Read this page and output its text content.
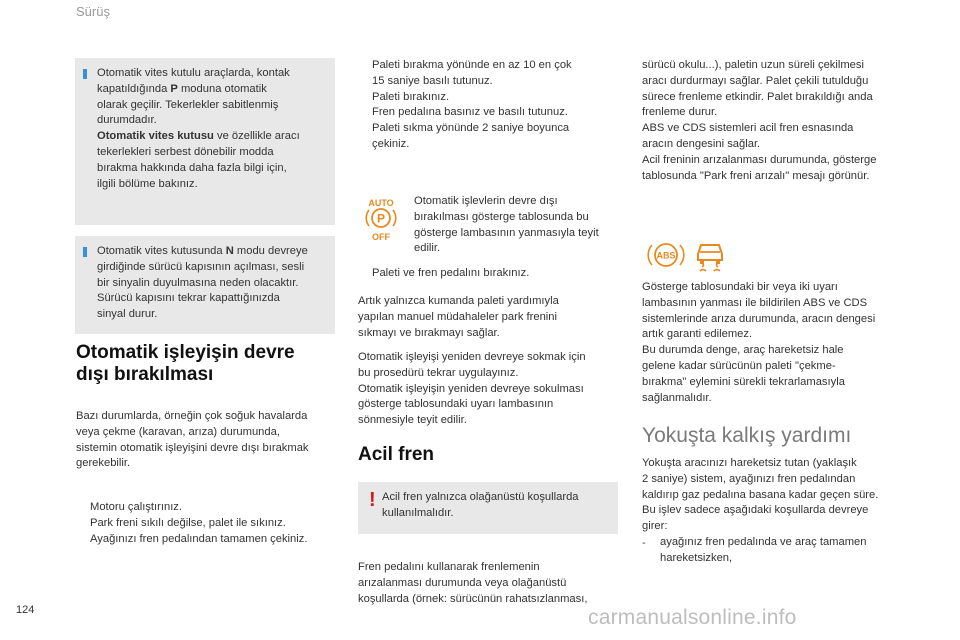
Sürüş

Otomatik vites kutulu araçlarda, kontak

kapatıldığında P moduna otomatik

olarak geçilir. Tekerlekler sabitlenmiş

durumdadır.

Otomatik vites kutusu ve özellikle aracı

tekerlekleri serbest dönebilir modda

bırakma hakkında daha fazla bilgi için,

ilgili bölüme bakınız.

Otomatik vites kutusunda N modu devreye

girdiğinde sürücü kapısının açılması, sesli

bir sinyalin duyulmasına neden olacaktır.

Sürücü kapısını tekrar kapattığınızda

sinyal durur.

Otomatik işleyişin devre
dışı bırakılması

Bazı durumlarda, örneğin çok soğuk havalarda

veya çekme (karavan, arıza) durumunda,

sistemin otomatik işleyişini devre dışı bırakmak

gerekebilir.

Motoru çalıştırınız.
Park freni sıkılı değilse, palet ile sıkınız.
Ayağınızı fren pedalından tamamen çekiniz.
Paleti bırakma yönünde en az 10 en çok
15 saniye basılı tutunuz.
Paleti bırakınız.
Fren pedalına basınız ve basılı tutunuz.
Paleti sıkma yönünde 2 saniye boyunca
çekiniz.
AUTO
P
OFF

Otomatik işlevlerin devre dışı

bırakılması gösterge tablosunda bu

gösterge lambasının yanmasıyla teyit

edilir.

Paleti ve fren pedalını bırakınız.

Artık yalnızca kumanda paleti yardımıyla

yapılan manuel müdahaleler park frenini

sıkmayı ve bırakmayı sağlar.

Otomatik işleyişi yeniden devreye sokmak için

bu prosedürü tekrar uygulayınız.

Otomatik işleyişin yeniden devreye sokulması

gösterge tablosundaki uyarı lambasının

sönmesiyle teyit edilir.

Acil fren
! Acil fren yalnızca olağanüstü koşullarda

kullanılmalıdır.

Fren pedalını kullanarak frenlemenin

arızalanması durumunda veya olağanüstü

koşullarda (örnek: sürücünün rahatsızlanması,

sürücü okulu...), paletin uzun süreli çekilmesi

aracı durdurmayı sağlar. Palet çekili tutulduğu

sürece frenleme etkindir. Palet bırakıldığı anda

frenleme durur.

ABS ve CDS sistemleri acil fren esnasında

aracın dengesini sağlar.

Acil freninin arızalanması durumunda, gösterge

tablosunda "Park freni arızalı" mesajı görünür.

ABS

Gösterge tablosundaki bir veya iki uyarı

lambasının yanması ile bildirilen ABS ve CDS

sistemlerinde arıza durumunda, aracın dengesi

artık garanti edilemez.

Bu durumda denge, araç hareketsiz hale

gelene kadar sürücünün paleti "çekme-

bırakma" eylemini sürekli tekrarlamasıyla

sağlanmalıdır.

Yokuşta kalkış yardımı

Yokuşta aracınızı hareketsiz tutan (yaklaşık

2 saniye) sistem, ayağınızı fren pedalından

kaldırıp gaz pedalına basana kadar geçen süre.

Bu işlev sadece aşağıdaki koşullarda devreye

girer:

-	ayağınız fren pedalında ve araç tamamen
hareketsizken,
124	carmanualsonline.info
